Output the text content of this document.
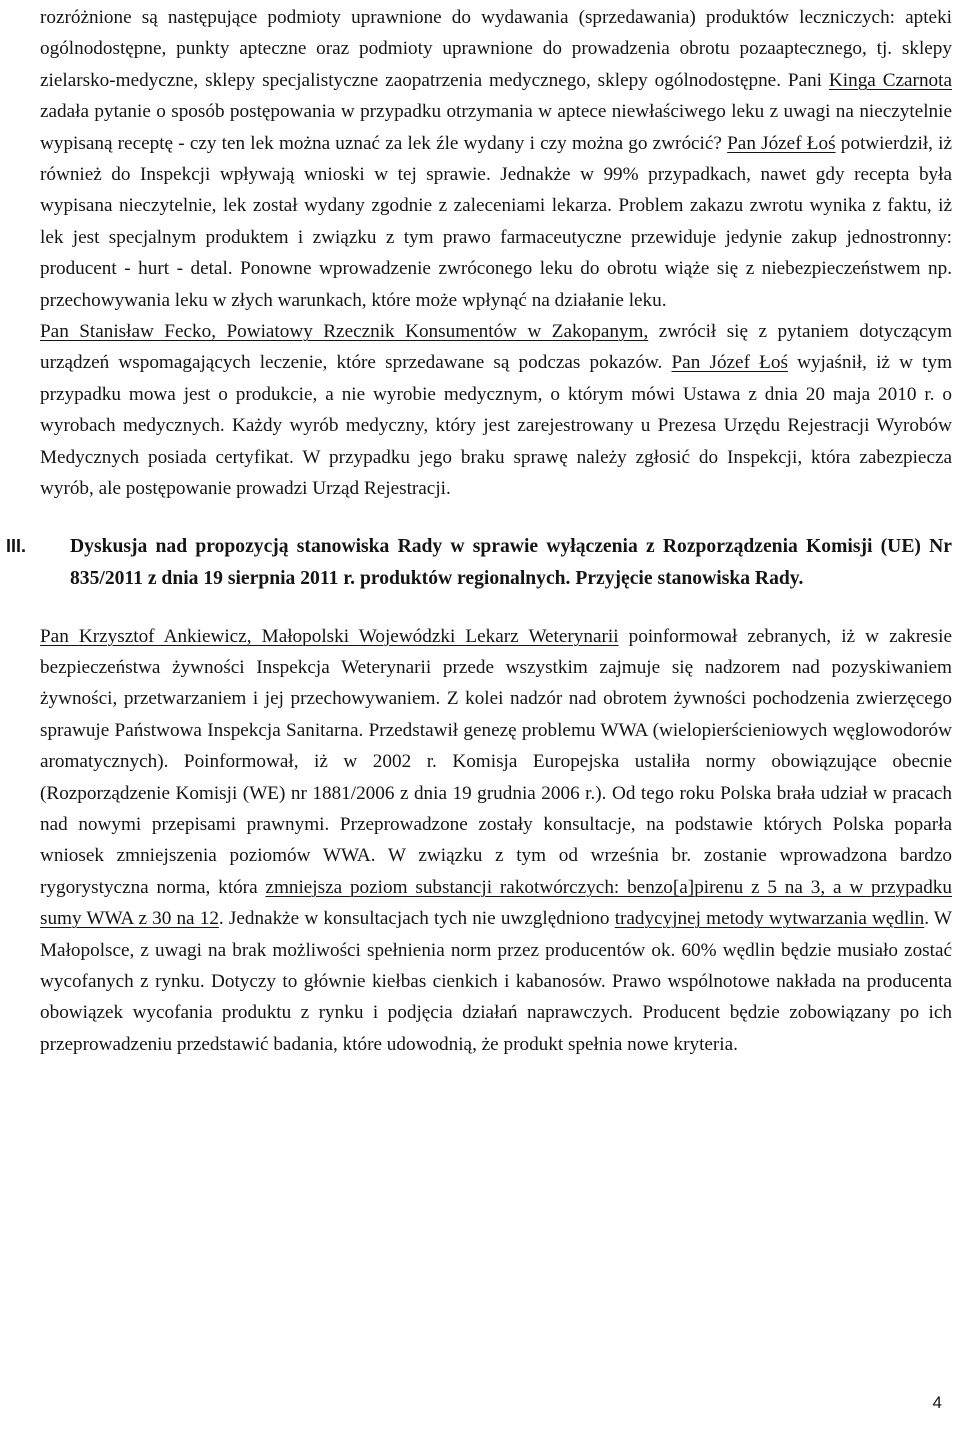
rozróżnione są następujące podmioty uprawnione do wydawania (sprzedawania) produktów leczniczych: apteki ogólnodostępne, punkty apteczne oraz podmioty uprawnione do prowadzenia obrotu pozaaptecznego, tj. sklepy zielarsko-medyczne, sklepy specjalistyczne zaopatrzenia medycznego, sklepy ogólnodostępne. Pani Kinga Czarnota zadała pytanie o sposób postępowania w przypadku otrzymania w aptece niewłaściwego leku z uwagi na nieczytelnie wypisaną receptę - czy ten lek można uznać za lek źle wydany i czy można go zwrócić? Pan Józef Łoś potwierdził, iż również do Inspekcji wpływają wnioski w tej sprawie. Jednakże w 99% przypadkach, nawet gdy recepta była wypisana nieczytelnie, lek został wydany zgodnie z zaleceniami lekarza. Problem zakazu zwrotu wynika z faktu, iż lek jest specjalnym produktem i związku z tym prawo farmaceutyczne przewiduje jedynie zakup jednostronny: producent - hurt - detal. Ponowne wprowadzenie zwróconego leku do obrotu wiąże się z niebezpieczeństwem np. przechowywania leku w złych warunkach, które może wpłynąć na działanie leku.

Pan Stanisław Fecko, Powiatowy Rzecznik Konsumentów w Zakopanym, zwrócił się z pytaniem dotyczącym urządzeń wspomagających leczenie, które sprzedawane są podczas pokazów. Pan Józef Łoś wyjaśnił, iż w tym przypadku mowa jest o produkcie, a nie wyrobie medycznym, o którym mówi Ustawa z dnia 20 maja 2010 r. o wyrobach medycznych. Każdy wyrób medyczny, który jest zarejestrowany u Prezesa Urzędu Rejestracji Wyrobów Medycznych posiada certyfikat. W przypadku jego braku sprawę należy zgłosić do Inspekcji, która zabezpiecza wyrób, ale postępowanie prowadzi Urząd Rejestracji.

III. Dyskusja nad propozycją stanowiska Rady w sprawie wyłączenia z Rozporządzenia Komisji (UE) Nr 835/2011 z dnia 19 sierpnia 2011 r. produktów regionalnych. Przyjęcie stanowiska Rady.

Pan Krzysztof Ankiewicz, Małopolski Wojewódzki Lekarz Weterynarii poinformował zebranych, iż w zakresie bezpieczeństwa żywności Inspekcja Weterynarii przede wszystkim zajmuje się nadzorem nad pozyskiwaniem żywności, przetwarzaniem i jej przechowywaniem. Z kolei nadzór nad obrotem żywności pochodzenia zwierzęcego sprawuje Państwowa Inspekcja Sanitarna. Przedstawił genezę problemu WWA (wielopierścieniowych węglowodorów aromatycznych). Poinformował, iż w 2002 r. Komisja Europejska ustaliła normy obowiązujące obecnie (Rozporządzenie Komisji (WE) nr 1881/2006 z dnia 19 grudnia 2006 r.). Od tego roku Polska brała udział w pracach nad nowymi przepisami prawnymi. Przeprowadzone zostały konsultacje, na podstawie których Polska poparła wniosek zmniejszenia poziomów WWA. W związku z tym od września br. zostanie wprowadzona bardzo rygorystyczna norma, która zmniejsza poziom substancji rakotwórczych: benzo[a]pirenu z 5 na 3, a w przypadku sumy WWA z 30 na 12. Jednakże w konsultacjach tych nie uwzględniono tradycyjnej metody wytwarzania wędlin. W Małopolsce, z uwagi na brak możliwości spełnienia norm przez producentów ok. 60% wędlin będzie musiało zostać wycofanych z rynku. Dotyczy to głównie kiełbas cienkich i kabanosów. Prawo wspólnotowe nakłada na producenta obowiązek wycofania produktu z rynku i podjęcia działań naprawczych. Producent będzie zobowiązany po ich przeprowadzeniu przedstawić badania, które udowodnią, że produkt spełnia nowe kryteria.

4
